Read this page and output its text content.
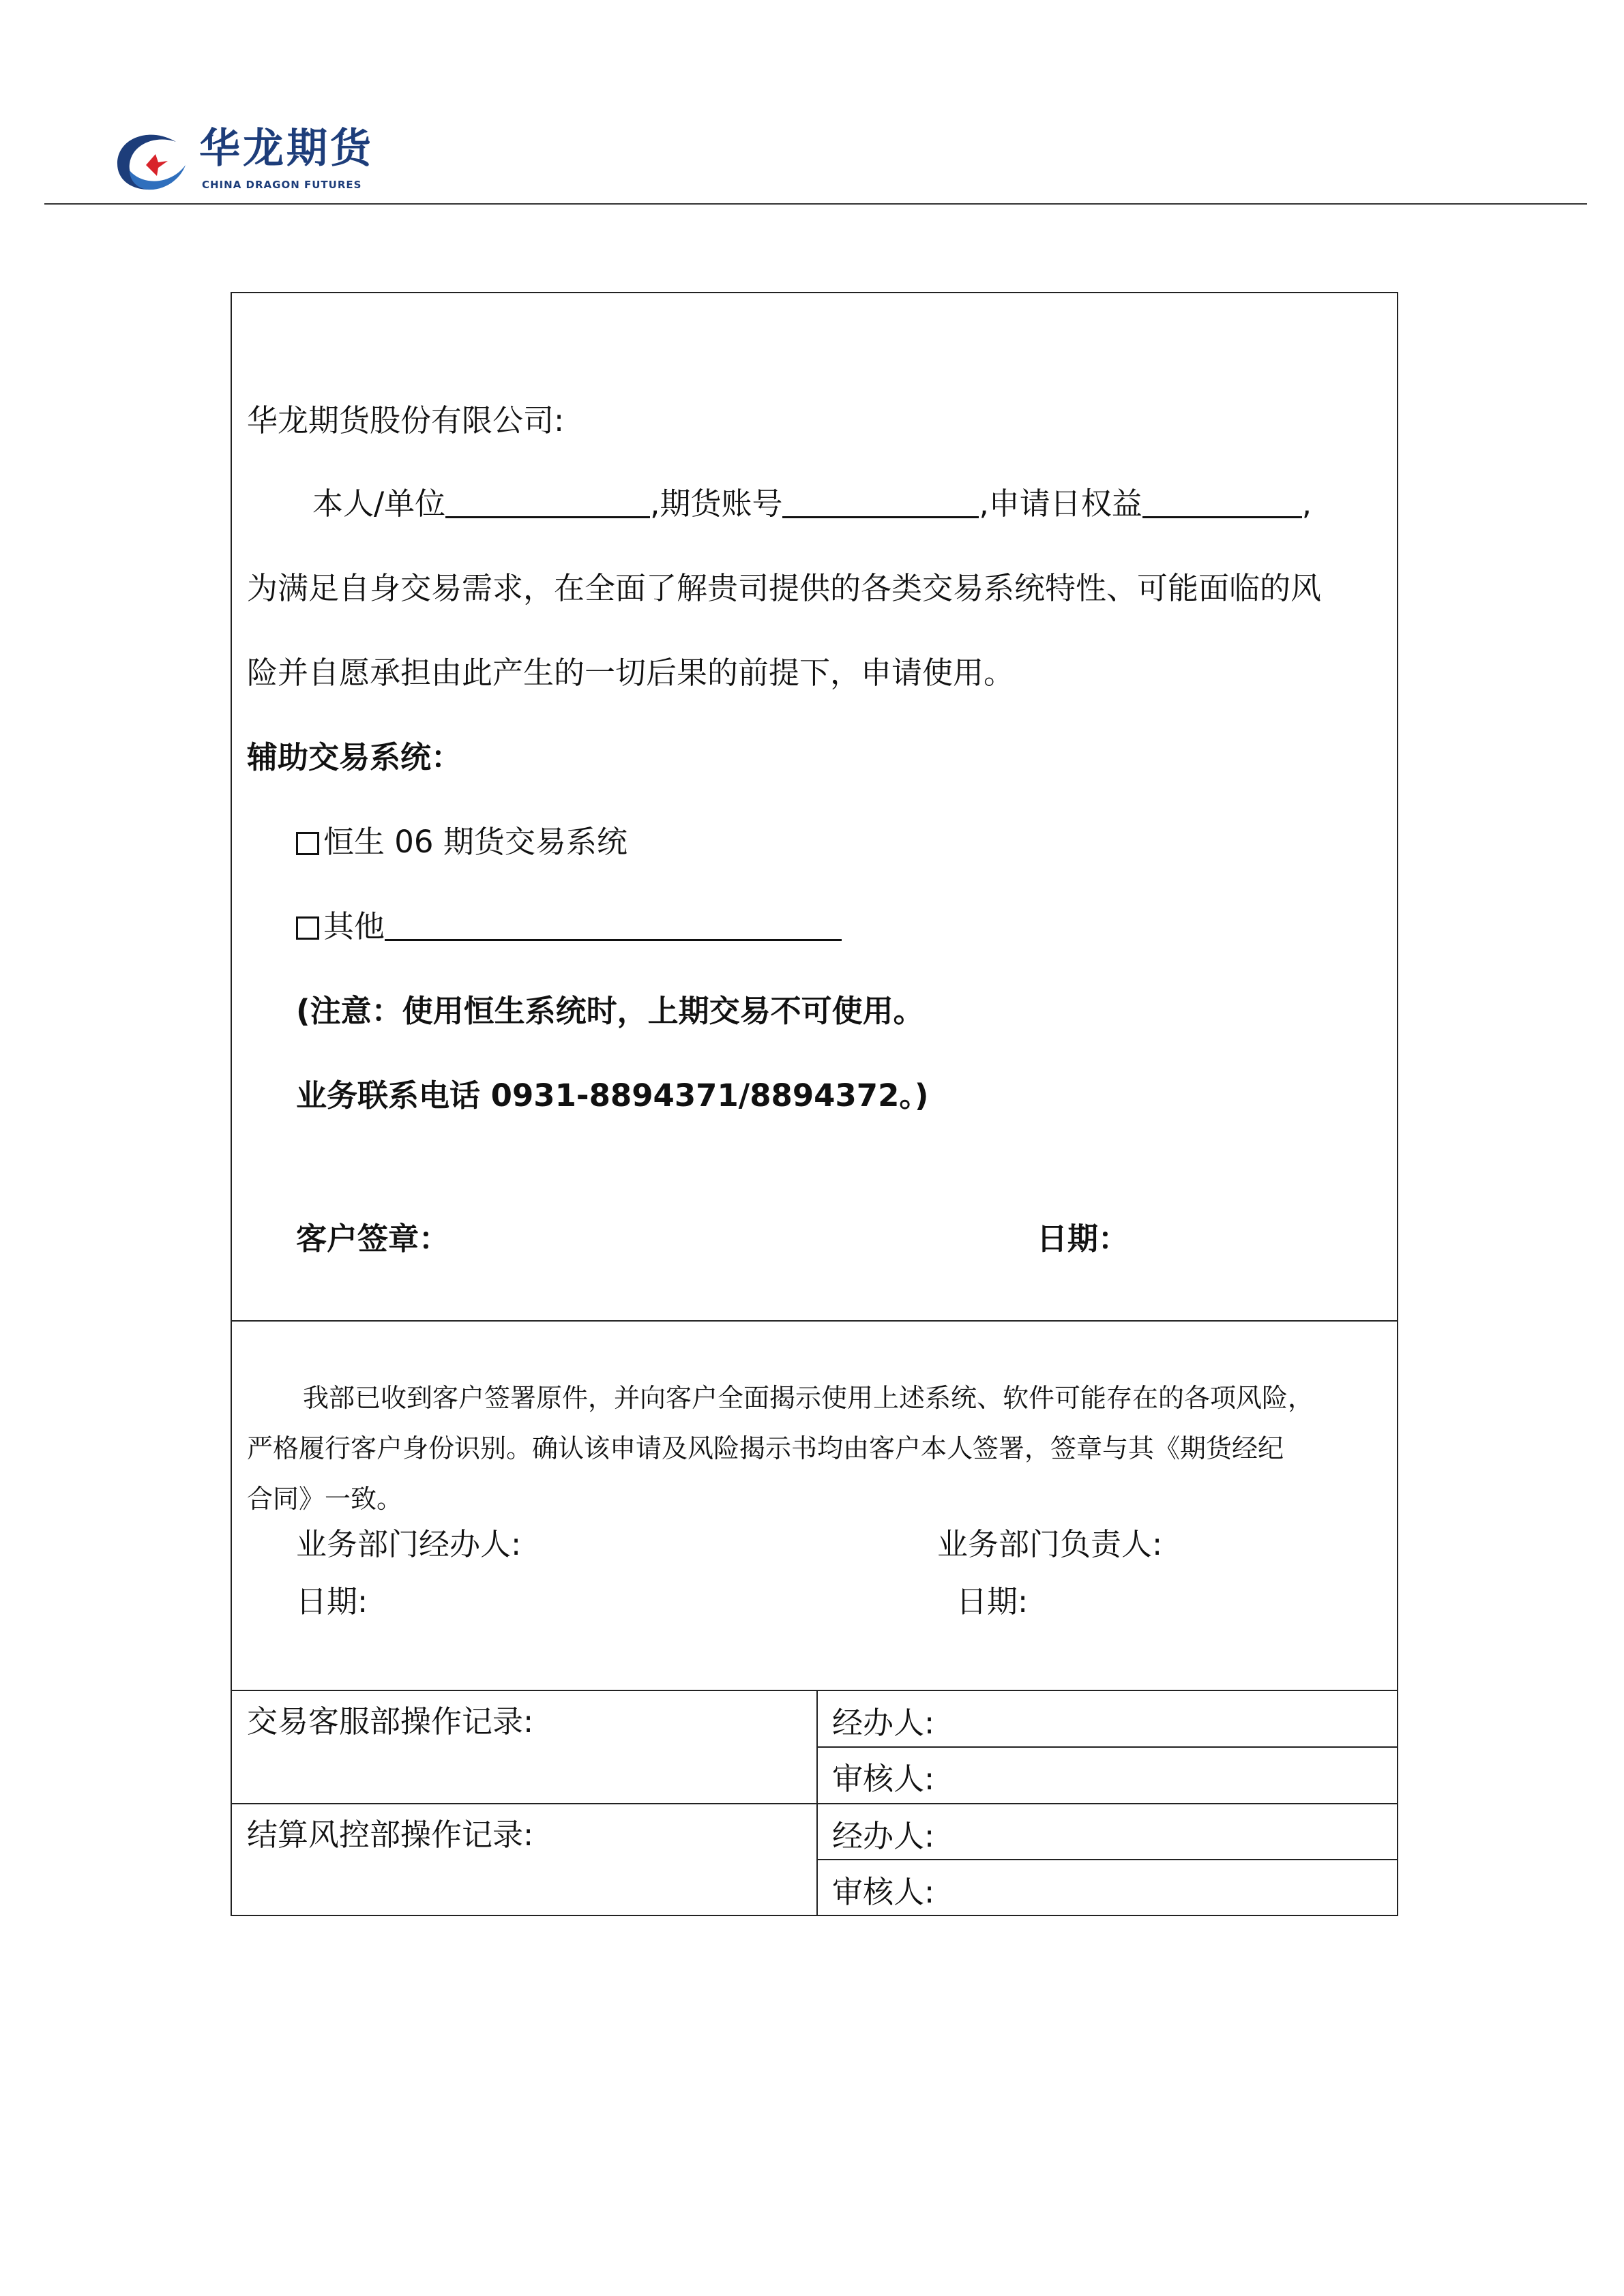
华龙期货
CHINA DRAGON FUTURES
华龙期货股份有限公司:
本人/单位	,期货账号	,申请日权益	,
为满足自身交易需求，在全面了解贵司提供的各类交易系统特性、可能面临的风
险并自愿承担由此产生的一切后果的前提下，申请使用。
辅助交易系统：
恒生 06 期货交易系统
其他
(注意：使用恒生系统时，上期交易不可使用。
业务联系电话 0931-8894371/8894372。)
客户签章：	日期：
我部已收到客户签署原件，并向客户全面揭示使用上述系统、软件可能存在的各项风险，
严格履行客户身份识别。确认该申请及风险揭示书均由客户本人签署，签章与其《期货经纪
合同》一致。
业务部门经办人:	业务部门负责人:
日期:	日期:
交易客服部操作记录:	经办人:
审核人:
结算风控部操作记录:	经办人:
审核人:
